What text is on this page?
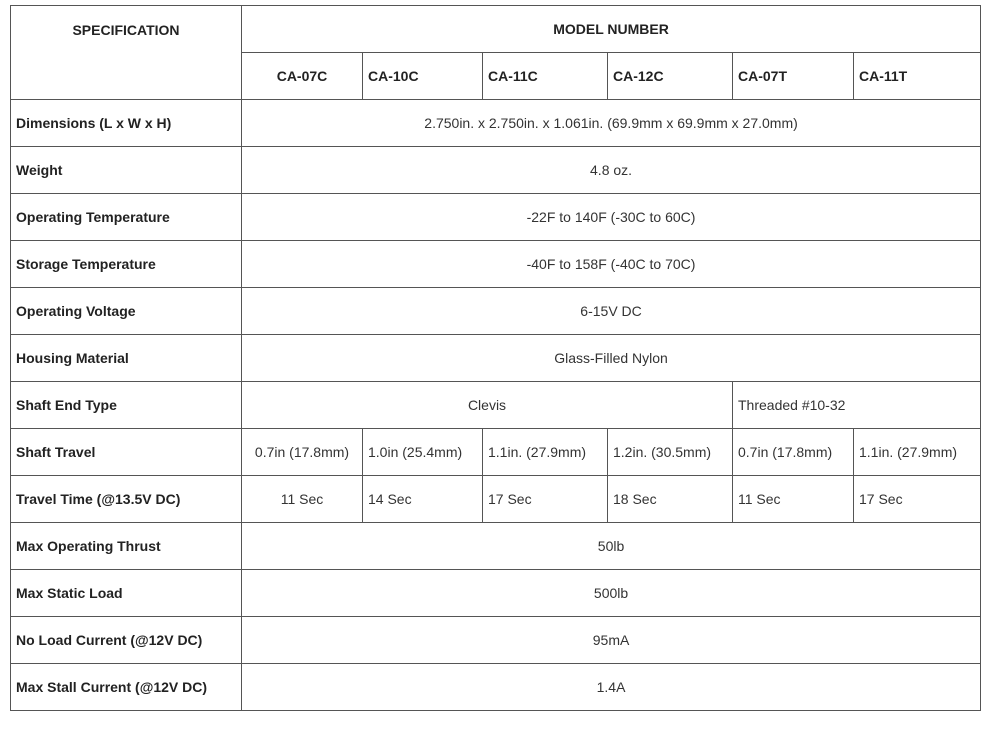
SPECIFICATION	MODEL NUMBER					
	CA-07C	CA-10C	CA-11C	CA-12C	CA-07T	CA-11T
Dimensions (L x W x H)	2.750in. x 2.750in. x 1.061in. (69.9mm x 69.9mm x 27.0mm)					
Weight	4.8 oz.					
Operating Temperature	-22F to 140F (-30C to 60C)					
Storage Temperature	-40F to 158F (-40C to 70C)					
Operating Voltage	6-15V DC					
Housing Material	Glass-Filled Nylon					
Shaft End Type	Clevis				Threaded #10-32	
Shaft Travel	0.7in (17.8mm)	1.0in (25.4mm)	1.1in. (27.9mm)	1.2in. (30.5mm)	0.7in (17.8mm)	1.1in. (27.9mm)
Travel Time (@13.5V DC)	11 Sec	14 Sec	17 Sec	18 Sec	11 Sec	17 Sec
Max Operating Thrust	50lb					
Max Static Load	500lb					
No Load Current (@12V DC)	95mA					
Max Stall Current (@12V DC)	1.4A					
